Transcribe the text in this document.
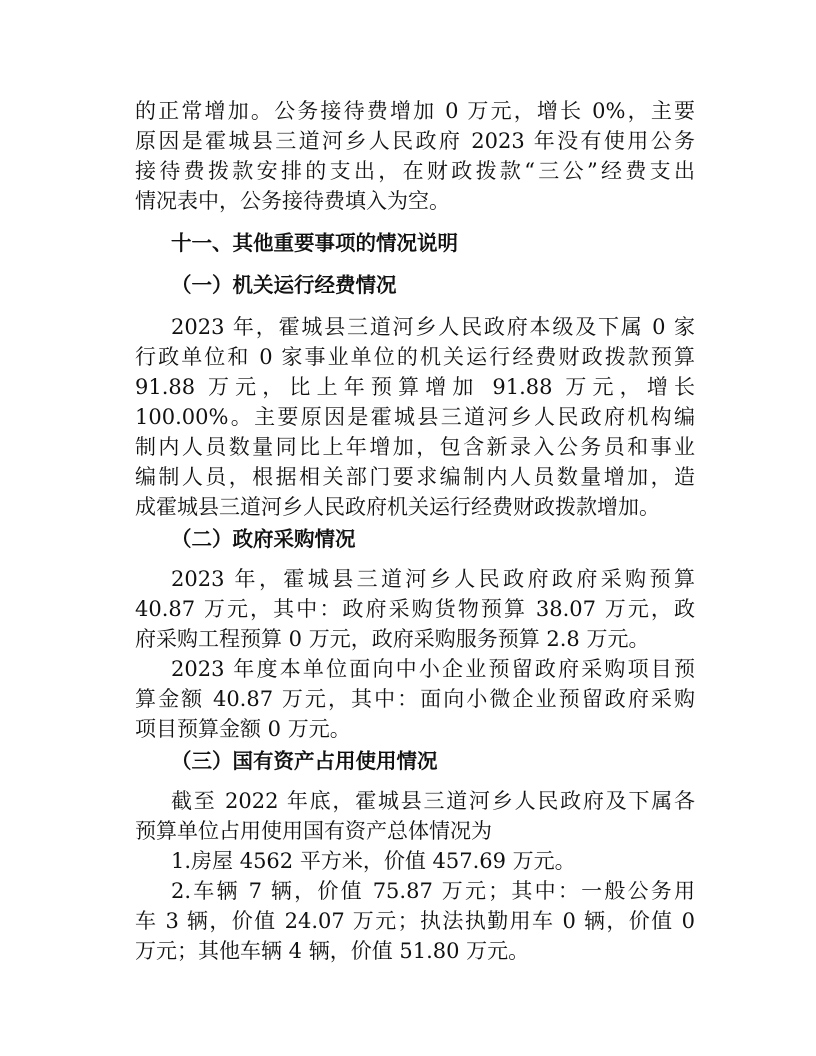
的正常增加。公务接待费增加 0 万元，增长 0%，主要
原因是霍城县三道河乡人民政府 2023 年没有使用公务
接待费拨款安排的支出，在财政拨款“三公”经费支出
情况表中，公务接待费填入为空。
十一、其他重要事项的情况说明
（一）机关运行经费情况
2023 年，霍城县三道河乡人民政府本级及下属 0 家
行政单位和 0 家事业单位的机关运行经费财政拨款预算
91.88 万元，比上年预算增加 91.88 万元，增长
100.00%。主要原因是霍城县三道河乡人民政府机构编
制内人员数量同比上年增加，包含新录入公务员和事业
编制人员，根据相关部门要求编制内人员数量增加，造
成霍城县三道河乡人民政府机关运行经费财政拨款增加。
（二）政府采购情况
2023 年，霍城县三道河乡人民政府政府采购预算
40.87 万元，其中：政府采购货物预算 38.07 万元，政
府采购工程预算 0 万元，政府采购服务预算 2.8 万元。
2023 年度本单位面向中小企业预留政府采购项目预
算金额 40.87 万元，其中：面向小微企业预留政府采购
项目预算金额 0 万元。
（三）国有资产占用使用情况
截至 2022 年底，霍城县三道河乡人民政府及下属各
预算单位占用使用国有资产总体情况为
1.房屋 4562 平方米，价值 457.69 万元。
2.车辆 7 辆，价值 75.87 万元；其中：一般公务用
车 3 辆，价值 24.07 万元；执法执勤用车 0 辆，价值 0
万元；其他车辆 4 辆，价值 51.80 万元。
